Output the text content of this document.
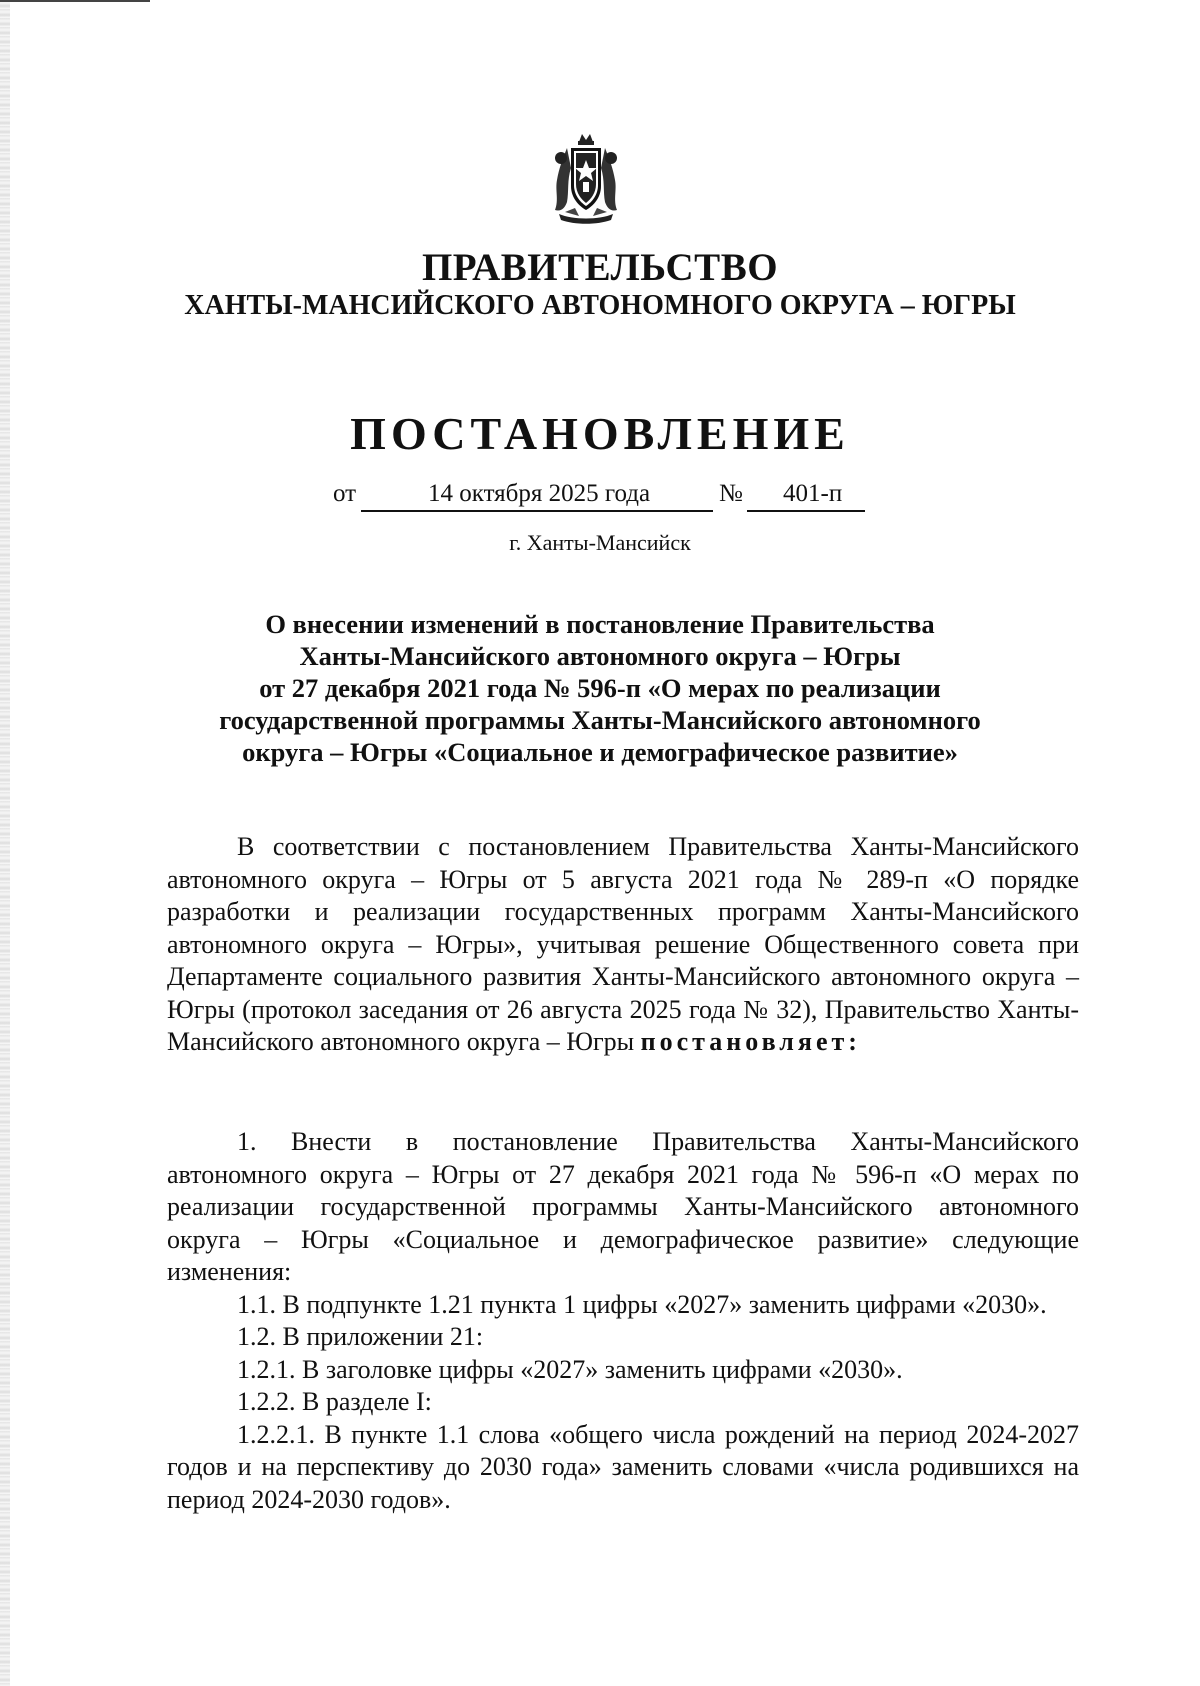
ПРАВИТЕЛЬСТВО
ХАНТЫ-МАНСИЙСКОГО АВТОНОМНОГО ОКРУГА – ЮГРЫ
ПОСТАНОВЛЕНИЕ
от	14 октября 2025 года	№ 401-п
г. Ханты-Мансийск
О внесении изменений в постановление Правительства
Ханты-Мансийского автономного округа – Югры
от 27 декабря 2021 года № 596-п «О мерах по реализации
государственной программы Ханты-Мансийского автономного
округа – Югры «Социальное и демографическое развитие»

В соответствии с постановлением Правительства Ханты-Мансийского автономного округа – Югры от 5 августа 2021 года № 289-п «О порядке разработки и реализации государственных программ Ханты-Мансийского автономного округа – Югры», учитывая решение Общественного совета при Департаменте социального развития Ханты-Мансийского автономного округа – Югры (протокол заседания от 26 августа 2025 года № 32), Правительство Ханты-Мансийского автономного округа – Югры постановляет:

1. Внести в постановление Правительства Ханты-Мансийского автономного округа – Югры от 27 декабря 2021 года № 596-п «О мерах по реализации государственной программы Ханты-Мансийского автономного округа – Югры «Социальное и демографическое развитие» следующие изменения:

1.1. В подпункте 1.21 пункта 1 цифры «2027» заменить цифрами «2030».

1.2. В приложении 21:

1.2.1. В заголовке цифры «2027» заменить цифрами «2030».

1.2.2. В разделе I:

1.2.2.1. В пункте 1.1 слова «общего числа рождений на период 2024-2027 годов и на перспективу до 2030 года» заменить словами «числа родившихся на период 2024-2030 годов».
